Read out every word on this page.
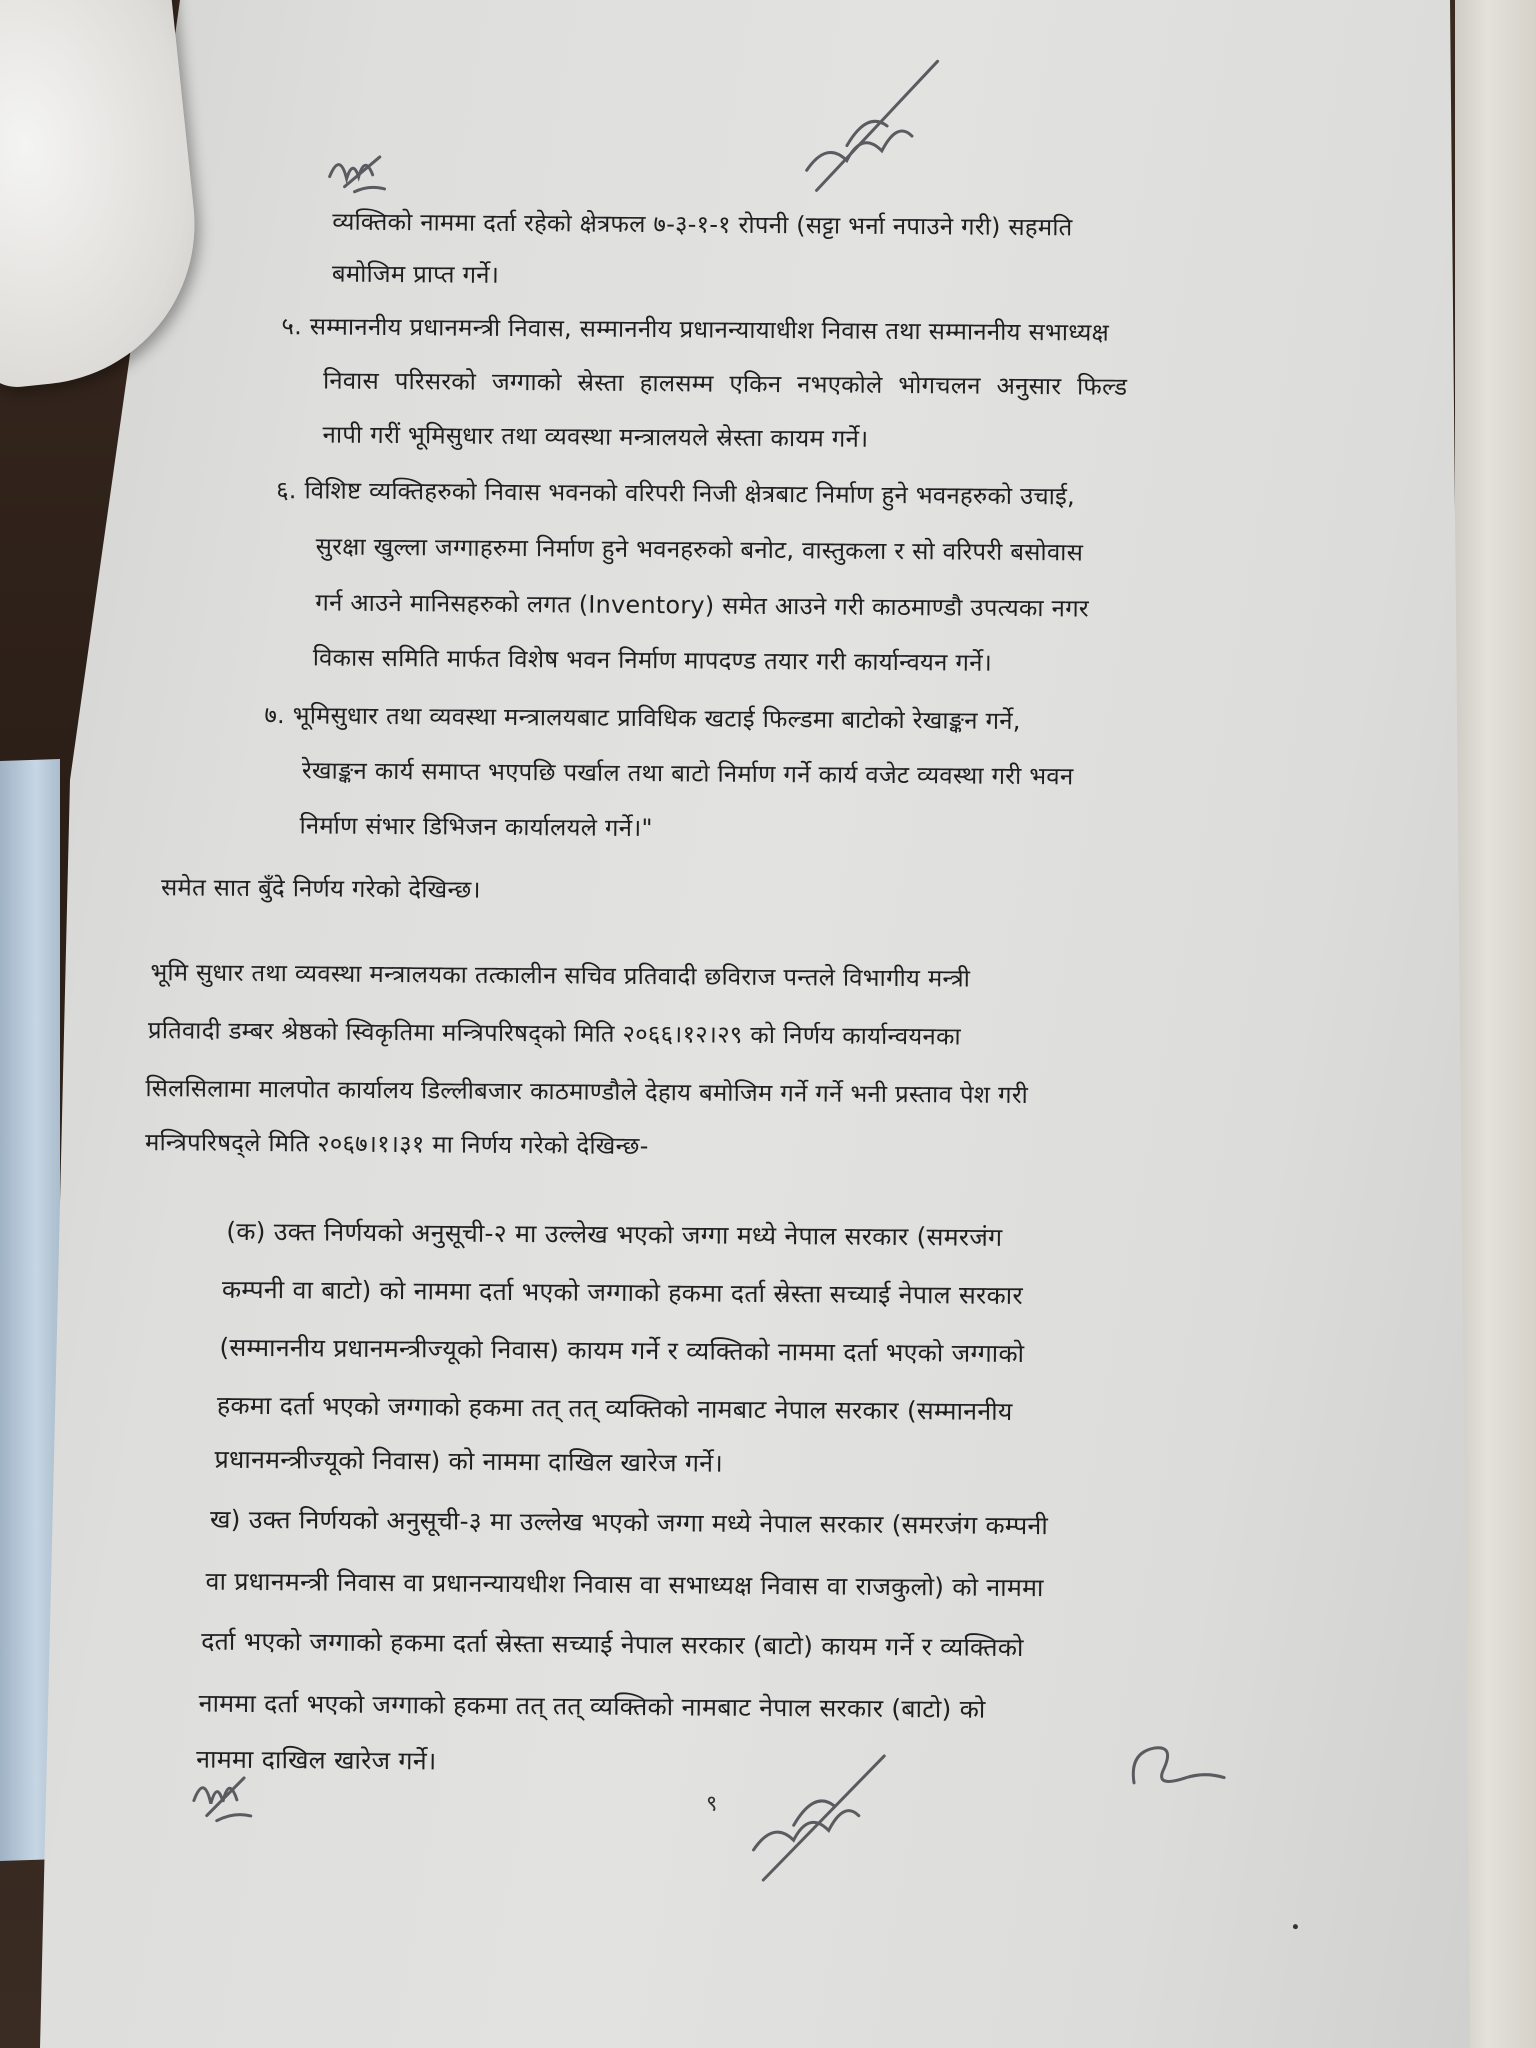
व्यक्तिको नाममा दर्ता रहेको क्षेत्रफल ७-३-१-१ रोपनी (सट्टा भर्ना नपाउने गरी) सहमति
बमोजिम प्राप्त गर्ने।
५. सम्माननीय प्रधानमन्त्री निवास, सम्माननीय प्रधानन्यायाधीश निवास तथा सम्माननीय सभाध्यक्ष
निवास परिसरको जग्गाको स्रेस्ता हालसम्म एकिन नभएकोले भोगचलन अनुसार फिल्ड
नापी गरीं भूमिसुधार तथा व्यवस्था मन्त्रालयले स्रेस्ता कायम गर्ने।
६. विशिष्ट व्यक्तिहरुको निवास भवनको वरिपरी निजी क्षेत्रबाट निर्माण हुने भवनहरुको उचाई,
सुरक्षा खुल्ला जग्गाहरुमा निर्माण हुने भवनहरुको बनोट, वास्तुकला र सो वरिपरी बसोवास
गर्न आउने मानिसहरुको लगत (Inventory) समेत आउने गरी काठमाण्डौ उपत्यका नगर
विकास समिति मार्फत विशेष भवन निर्माण मापदण्ड तयार गरी कार्यान्वयन गर्ने।
७. भूमिसुधार तथा व्यवस्था मन्त्रालयबाट प्राविधिक खटाई फिल्डमा बाटोको रेखाङ्कन गर्ने,
रेखाङ्कन कार्य समाप्त भएपछि पर्खाल तथा बाटो निर्माण गर्ने कार्य वजेट व्यवस्था गरी भवन
निर्माण संभार डिभिजन कार्यालयले गर्ने।"
समेत सात बुँदे निर्णय गरेको देखिन्छ।
भूमि सुधार तथा व्यवस्था मन्त्रालयका तत्कालीन सचिव प्रतिवादी छविराज पन्तले विभागीय मन्त्री
प्रतिवादी डम्बर श्रेष्ठको स्विकृतिमा मन्त्रिपरिषद्को मिति २०६६।१२।२९ को निर्णय कार्यान्वयनका
सिलसिलामा मालपोत कार्यालय डिल्लीबजार काठमाण्डौले देहाय बमोजिम गर्ने गर्ने भनी प्रस्ताव पेश गरी
मन्त्रिपरिषद्ले मिति २०६७।१।३१ मा निर्णय गरेको देखिन्छ-
(क) उक्त निर्णयको अनुसूची-२ मा उल्लेख भएको जग्गा मध्ये नेपाल सरकार (समरजंग
कम्पनी वा बाटो) को नाममा दर्ता भएको जग्गाको हकमा दर्ता स्रेस्ता सच्याई नेपाल सरकार
(सम्माननीय प्रधानमन्त्रीज्यूको निवास) कायम गर्ने र व्यक्तिको नाममा दर्ता भएको जग्गाको
हकमा दर्ता भएको जग्गाको हकमा तत् तत् व्यक्तिको नामबाट नेपाल सरकार (सम्माननीय
प्रधानमन्त्रीज्यूको निवास) को नाममा दाखिल खारेज गर्ने।
ख) उक्त निर्णयको अनुसूची-३ मा उल्लेख भएको जग्गा मध्ये नेपाल सरकार (समरजंग कम्पनी
वा प्रधानमन्त्री निवास वा प्रधानन्यायधीश निवास वा सभाध्यक्ष निवास वा राजकुलो) को नाममा
दर्ता भएको जग्गाको हकमा दर्ता स्रेस्ता सच्याई नेपाल सरकार (बाटो) कायम गर्ने र व्यक्तिको
नाममा दर्ता भएको जग्गाको हकमा तत् तत् व्यक्तिको नामबाट नेपाल सरकार (बाटो) को
नाममा दाखिल खारेज गर्ने।
९
